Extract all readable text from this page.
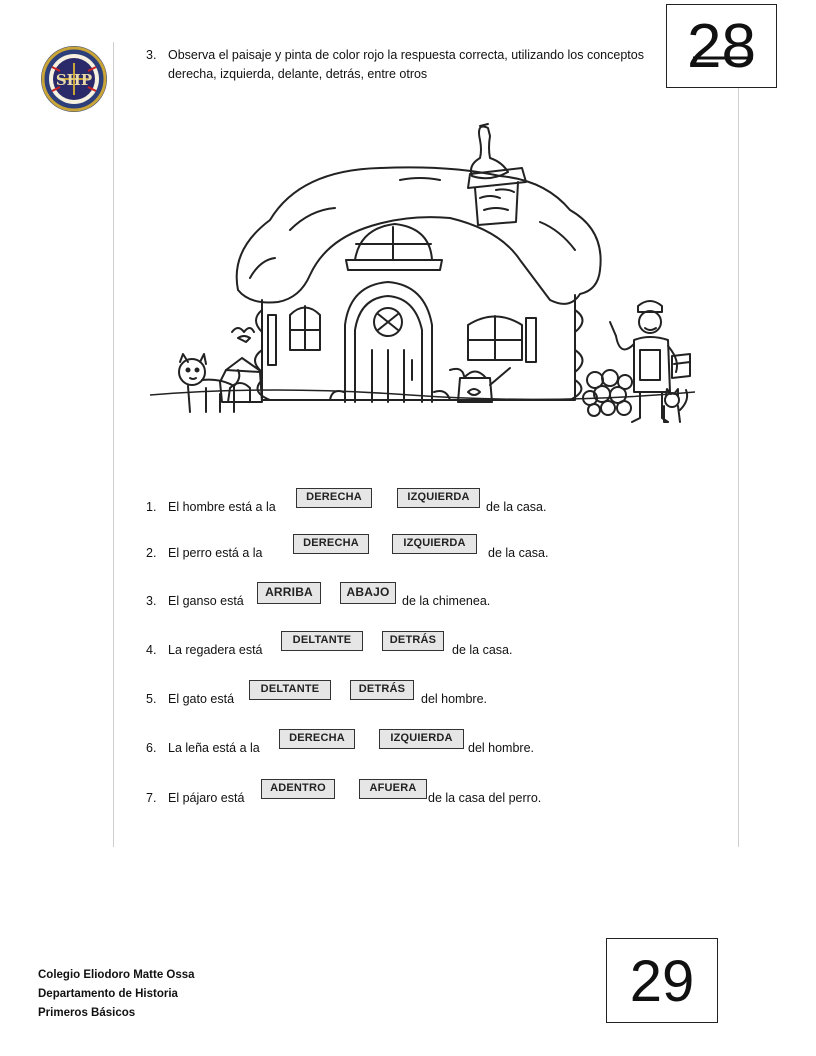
SHP	28
3. Observa el paisaje y pinta de color rojo la respuesta correcta, utilizando los conceptos derecha, izquierda, delante, detrás, entre otros
1. El hombre está a la
DERECHA	IZQUIERDA
de la casa.
2. El perro está a la
DERECHA	IZQUIERDA
de la casa.
3. El ganso está
ARRIBA	ABAJO
de la chimenea.
4. La regadera está
DELTANTE	DETRÁS
de la casa.
5. El gato está
DELTANTE	DETRÁS
del hombre.
6. La leña está a la
DERECHA	IZQUIERDA
del hombre.
7. El pájaro está
ADENTRO	AFUERA
de la casa del perro.
Colegio Eliodoro Matte Ossa
Departamento de Historia
Primeros Básicos	29
